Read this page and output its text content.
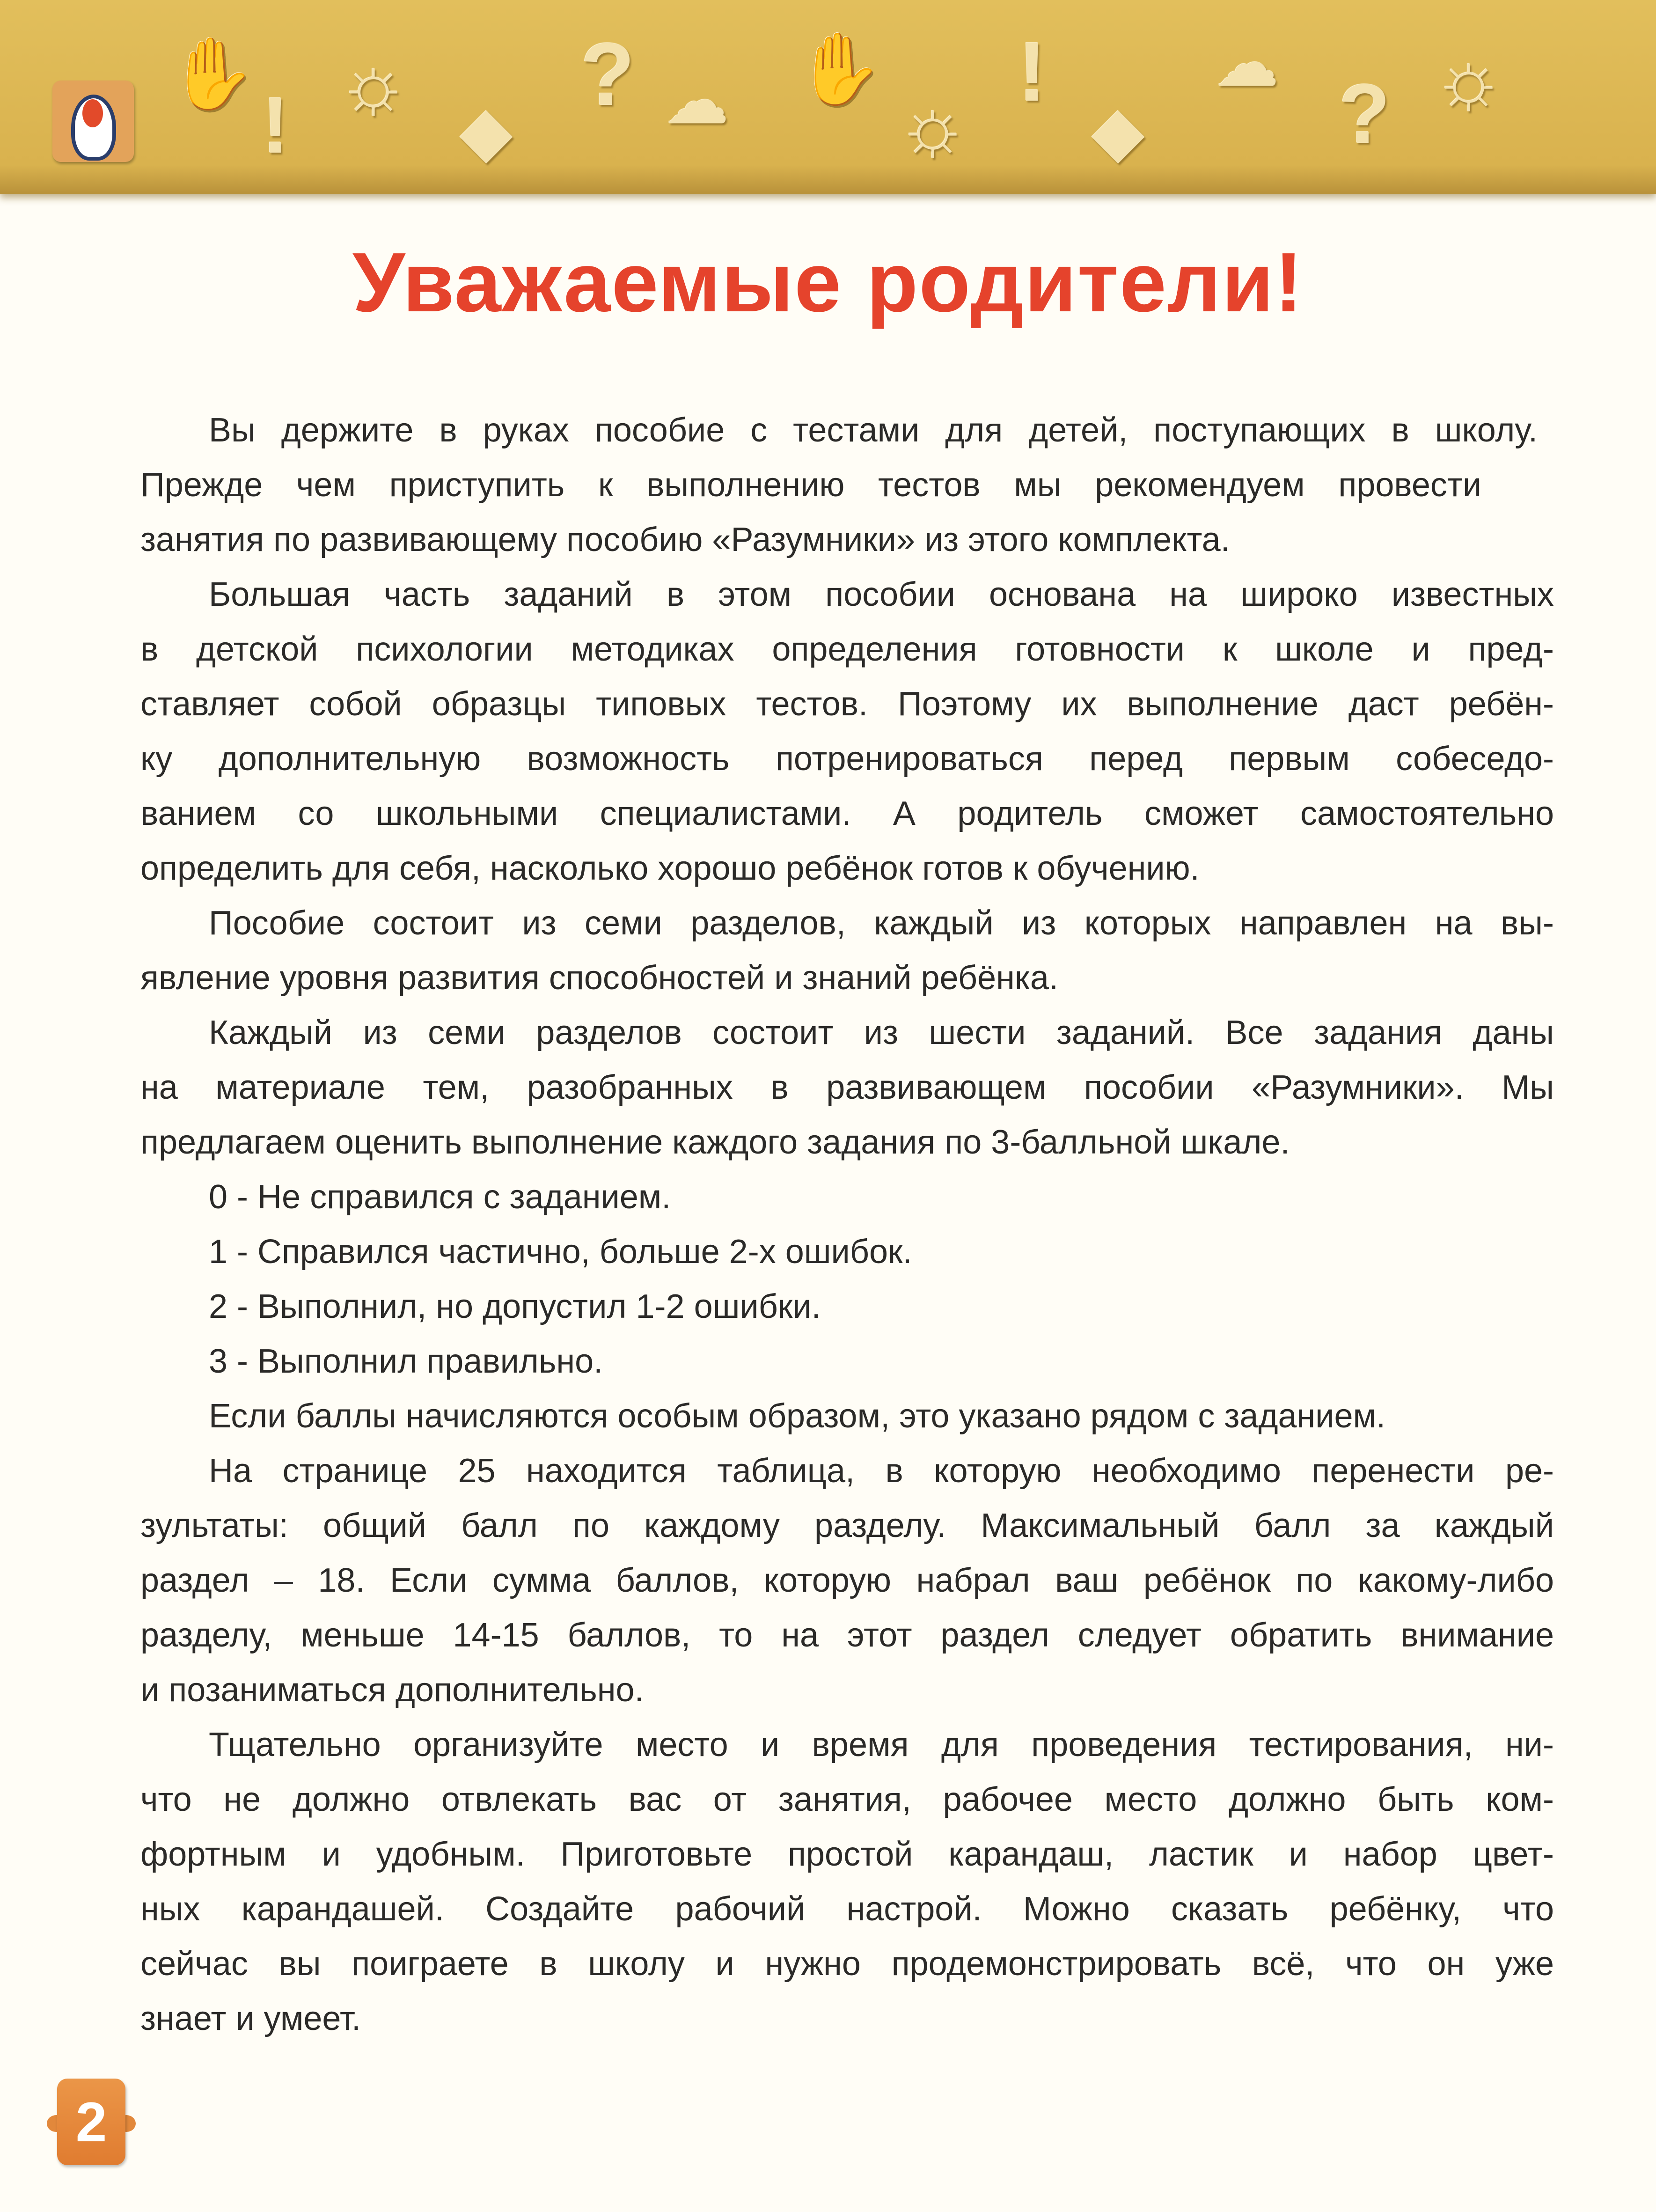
✋
! ☼
◆
? ☁ ✋
☼
!
◆
☁
? ☼
Уважаемые родители!
Вы держите в руках пособие с тестами для детей, поступающих в школу.
Прежде чем приступить к выполнению тестов мы рекомендуем провести
занятия по развивающему пособию «Разумники» из этого комплекта.
Большая часть заданий в этом пособии основана на широко известных
в детской психологии методиках определения готовности к школе и пред-
ставляет собой образцы типовых тестов. Поэтому их выполнение даст ребён-
ку дополнительную возможность потренироваться перед первым собеседо-
ванием со школьными специалистами. А родитель сможет самостоятельно
определить для себя, насколько хорошо ребёнок готов к обучению.
Пособие состоит из семи разделов, каждый из которых направлен на вы-
явление уровня развития способностей и знаний ребёнка.
Каждый из семи разделов состоит из шести заданий. Все задания даны
на материале тем, разобранных в развивающем пособии «Разумники». Мы
предлагаем оценить выполнение каждого задания по 3-балльной шкале.
0 - Не справился с заданием.
1 - Справился частично, больше 2-х ошибок.
2 - Выполнил, но допустил 1-2 ошибки.
3 - Выполнил правильно.
Если баллы начисляются особым образом, это указано рядом с заданием.
На странице 25 находится таблица, в которую необходимо перенести ре-
зультаты: общий балл по каждому разделу. Максимальный балл за каждый
раздел – 18. Если сумма баллов, которую набрал ваш ребёнок по какому-либо
разделу, меньше 14-15 баллов, то на этот раздел следует обратить внимание
и позаниматься дополнительно.
Тщательно организуйте место и время для проведения тестирования, ни-
что не должно отвлекать вас от занятия, рабочее место должно быть ком-
фортным и удобным. Приготовьте простой карандаш, ластик и набор цвет-
ных карандашей. Создайте рабочий настрой. Можно сказать ребёнку, что
сейчас вы поиграете в школу и нужно продемонстрировать всё, что он уже
знает и умеет.
2
